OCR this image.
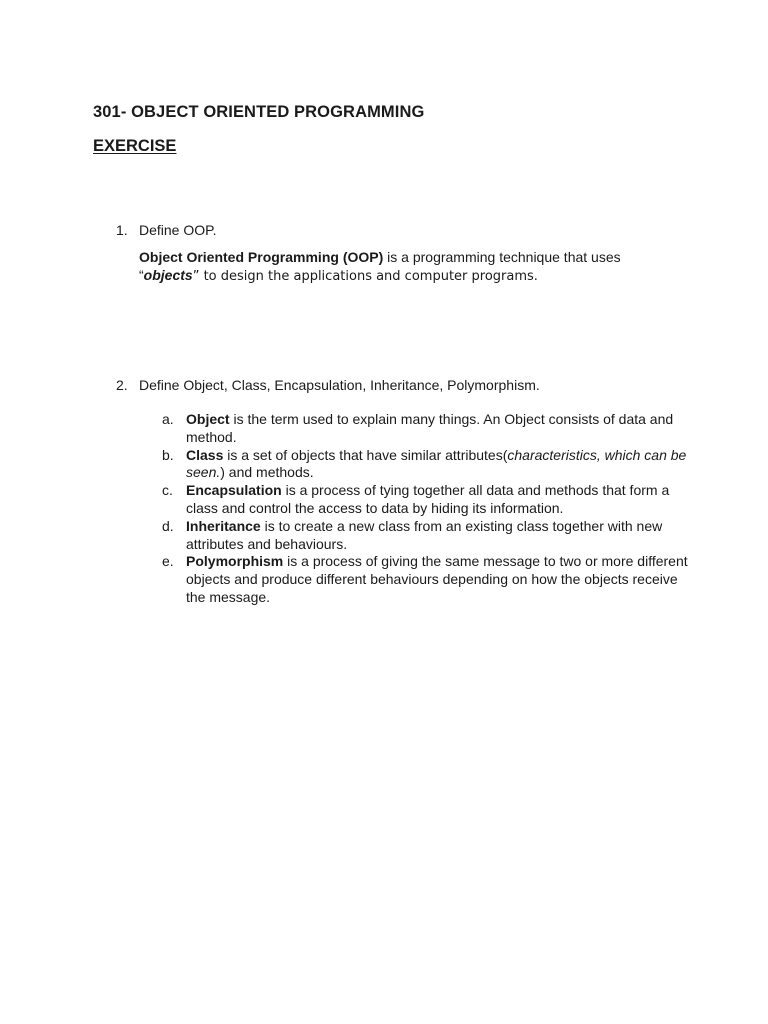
301- OBJECT ORIENTED PROGRAMMING
EXERCISE
1. Define OOP.
Object Oriented Programming (OOP) is a programming technique that uses
“objects” to design the applications and computer programs.
2. Define Object, Class, Encapsulation, Inheritance, Polymorphism.
a. Object is the term used to explain many things. An Object consists of data and method.
b. Class is a set of objects that have similar attributes(characteristics, which can be seen.) and methods.
c. Encapsulation is a process of tying together all data and methods that form a class and control the access to data by hiding its information.
d. Inheritance is to create a new class from an existing class together with new attributes and behaviours.
e. Polymorphism is a process of giving the same message to two or more different objects and produce different behaviours depending on how the objects receive the message.
